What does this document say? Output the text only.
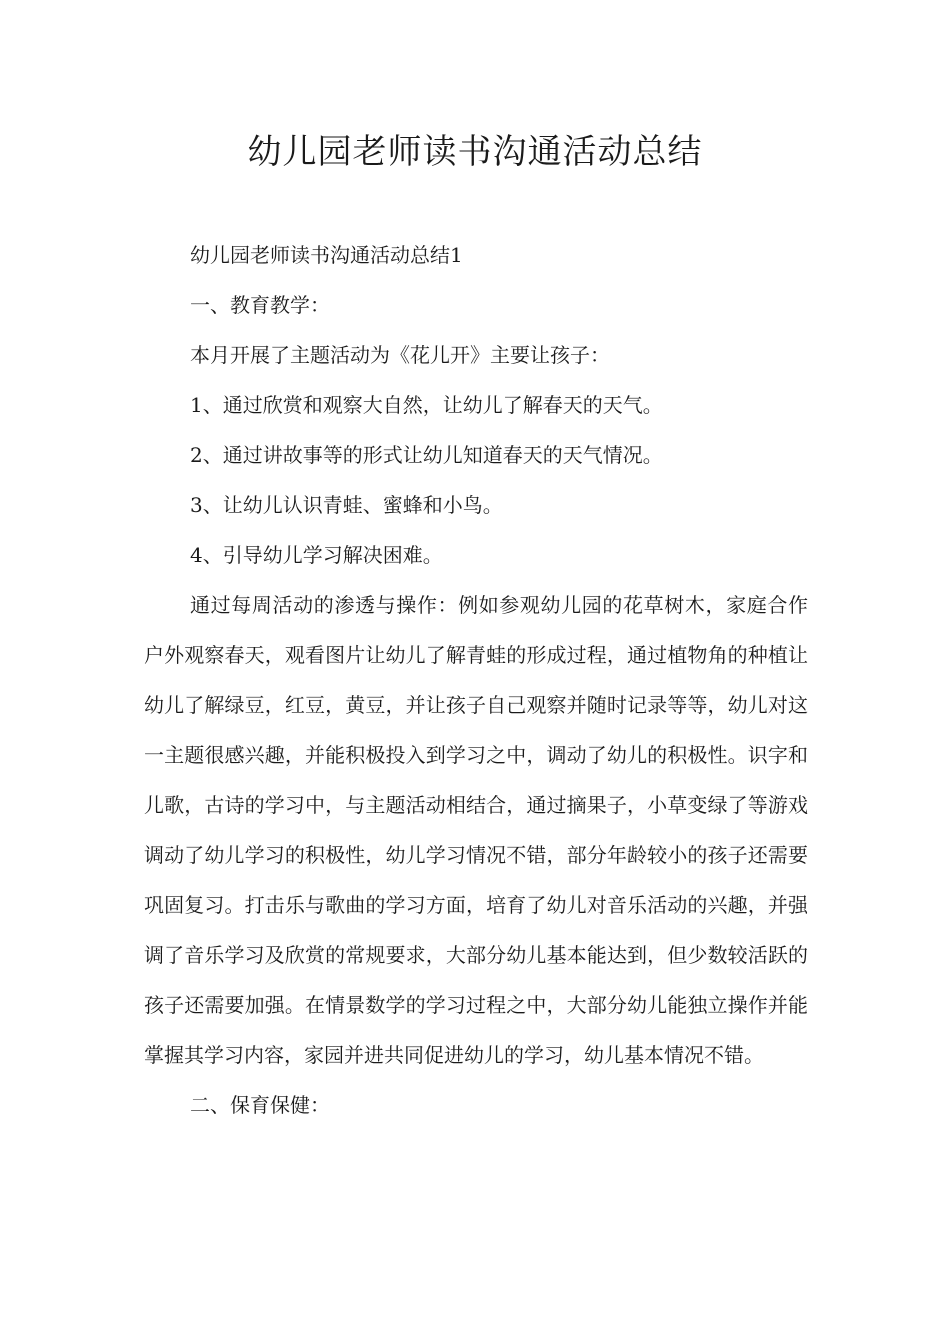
幼儿园老师读书沟通活动总结
幼儿园老师读书沟通活动总结1
一、教育教学：
本月开展了主题活动为《花儿开》主要让孩子：
1、通过欣赏和观察大自然，让幼儿了解春天的天气。
2、通过讲故事等的形式让幼儿知道春天的天气情况。
3、让幼儿认识青蛙、蜜蜂和小鸟。
4、引导幼儿学习解决困难。

通过每周活动的渗透与操作：例如参观幼儿园的花草树木，家庭合作户外观察春天，观看图片让幼儿了解青蛙的形成过程，通过植物角的种植让幼儿了解绿豆，红豆，黄豆，并让孩子自己观察并随时记录等等，幼儿对这一主题很感兴趣，并能积极投入到学习之中，调动了幼儿的积极性。识字和儿歌，古诗的学习中，与主题活动相结合，通过摘果子，小草变绿了等游戏调动了幼儿学习的积极性，幼儿学习情况不错，部分年龄较小的孩子还需要巩固复习。打击乐与歌曲的学习方面，培育了幼儿对音乐活动的兴趣，并强调了音乐学习及欣赏的常规要求，大部分幼儿基本能达到，但少数较活跃的孩子还需要加强。在情景数学的学习过程之中，大部分幼儿能独立操作并能掌握其学习内容，家园并进共同促进幼儿的学习，幼儿基本情况不错。

二、保育保健：
